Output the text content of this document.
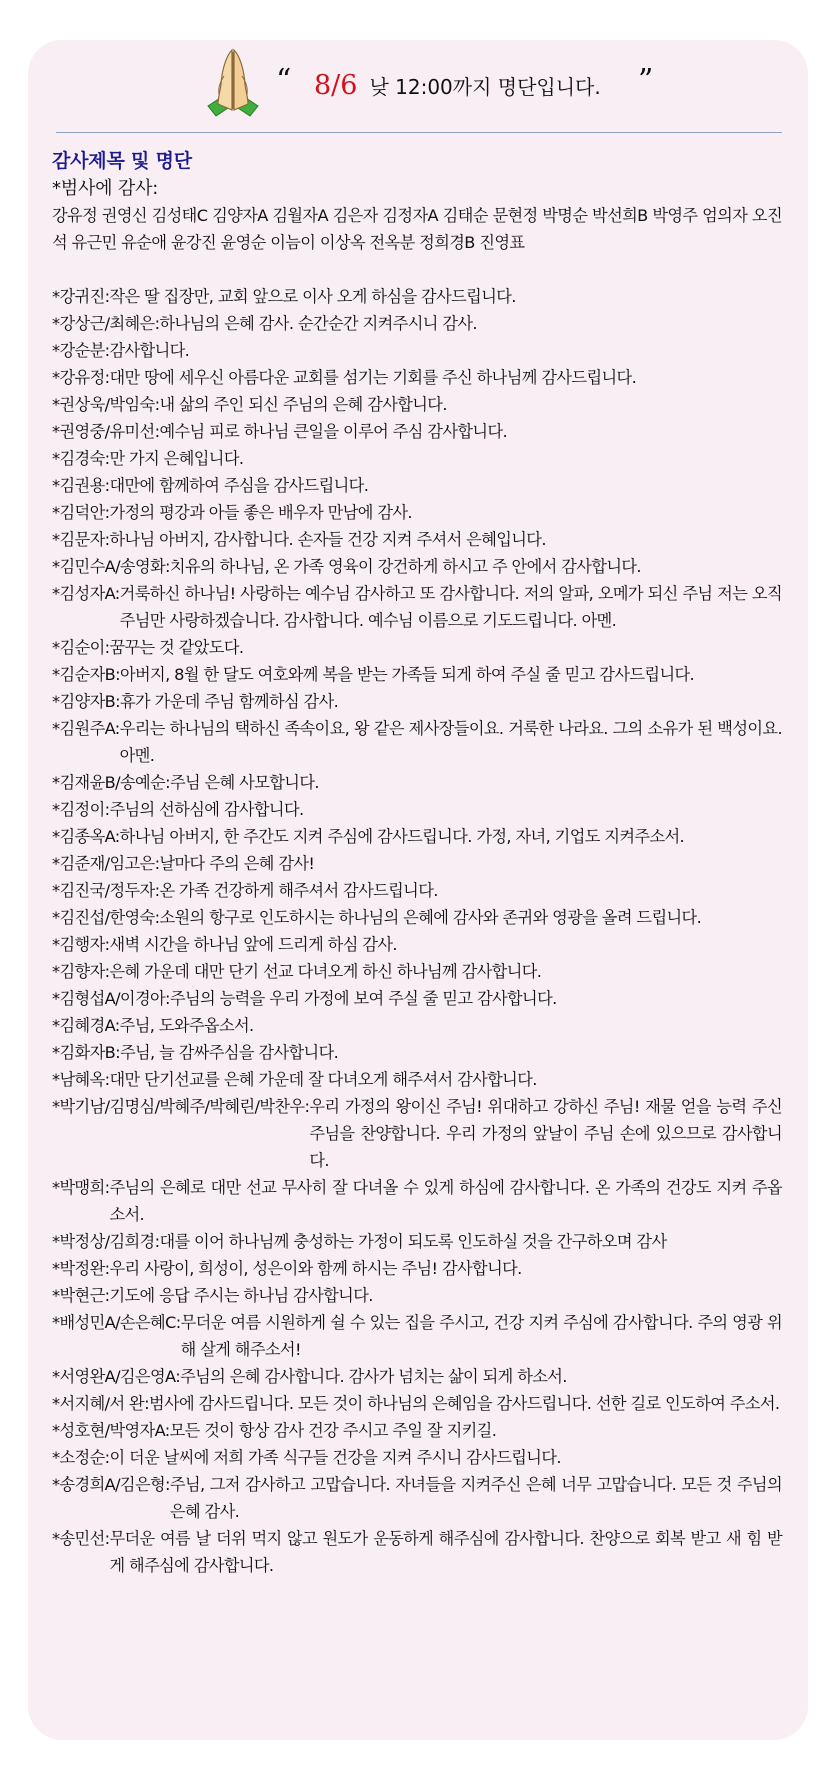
“ 8/6 낮 12:00까지 명단입니다. ”
감사제목 및 명단
*범사에 감사:
강유정 권영신 김성태C 김양자A 김월자A 김은자 김정자A 김태순 문현정 박명순 박선희B 박영주 엄의자 오진석 유근민 유순애 윤강진 윤영순 이늠이 이상옥 전옥분 정희경B 진영표
*강귀진: 작은 딸 집장만, 교회 앞으로 이사 오게 하심을 감사드립니다.
*강상근/최혜은: 하나님의 은혜 감사. 순간순간 지켜주시니 감사.
*강순분: 감사합니다.
*강유정: 대만 땅에 세우신 아름다운 교회를 섬기는 기회를 주신 하나님께 감사드립니다.
*권상욱/박임숙: 내 삶의 주인 되신 주님의 은혜 감사합니다.
*권영중/유미선: 예수님 피로 하나님 큰일을 이루어 주심 감사합니다.
*김경숙: 만 가지 은혜입니다.
*김권용: 대만에 함께하여 주심을 감사드립니다.
*김덕안: 가정의 평강과 아들 좋은 배우자 만남에 감사.
*김문자: 하나님 아버지, 감사합니다. 손자들 건강 지켜 주셔서 은혜입니다.
*김민수A/송영화: 치유의 하나님, 온 가족 영육이 강건하게 하시고 주 안에서 감사합니다.
*김성자A: 거룩하신 하나님! 사랑하는 예수님 감사하고 또 감사합니다. 저의 알파, 오메가 되신 주님 저는 오직 주님만 사랑하겠습니다. 감사합니다. 예수님 이름으로 기도드립니다. 아멘.
*김순이: 꿈꾸는 것 같았도다.
*김순자B: 아버지, 8월 한 달도 여호와께 복을 받는 가족들 되게 하여 주실 줄 믿고 감사드립니다.
*김양자B: 휴가 가운데 주님 함께하심 감사.
*김원주A: 우리는 하나님의 택하신 족속이요, 왕 같은 제사장들이요. 거룩한 나라요. 그의 소유가 된 백성이요. 아멘.
*김재윤B/송예순: 주님 은혜 사모합니다.
*김정이: 주님의 선하심에 감사합니다.
*김종옥A: 하나님 아버지, 한 주간도 지켜 주심에 감사드립니다. 가정, 자녀, 기업도 지켜주소서.
*김준재/임고은: 날마다 주의 은혜 감사!
*김진국/정두자: 온 가족 건강하게 해주셔서 감사드립니다.
*김진섭/한영숙: 소원의 항구로 인도하시는 하나님의 은혜에 감사와 존귀와 영광을 올려 드립니다.
*김행자: 새벽 시간을 하나님 앞에 드리게 하심 감사.
*김향자: 은혜 가운데 대만 단기 선교 다녀오게 하신 하나님께 감사합니다.
*김형섭A/이경아: 주님의 능력을 우리 가정에 보여 주실 줄 믿고 감사합니다.
*김혜경A: 주님, 도와주옵소서.
*김화자B: 주님, 늘 감싸주심을 감사합니다.
*남혜옥: 대만 단기선교를 은혜 가운데 잘 다녀오게 해주셔서 감사합니다.
*박기남/김명심/박혜주/박혜린/박찬우: 우리 가정의 왕이신 주님! 위대하고 강하신 주님! 재물 얻을 능력 주신 주님을 찬양합니다. 우리 가정의 앞날이 주님 손에 있으므로 감사합니다.
*박맹희: 주님의 은혜로 대만 선교 무사히 잘 다녀올 수 있게 하심에 감사합니다. 온 가족의 건강도 지켜 주옵소서.
*박정상/김희경: 대를 이어 하나님께 충성하는 가정이 되도록 인도하실 것을 간구하오며 감사
*박정완: 우리 사랑이, 희성이, 성은이와 함께 하시는 주님! 감사합니다.
*박현근: 기도에 응답 주시는 하나님 감사합니다.
*배성민A/손은혜C: 무더운 여름 시원하게 쉴 수 있는 집을 주시고, 건강 지켜 주심에 감사합니다. 주의 영광 위해 살게 해주소서!
*서영완A/김은영A: 주님의 은혜 감사합니다. 감사가 넘치는 삶이 되게 하소서.
*서지혜/서 완: 범사에 감사드립니다. 모든 것이 하나님의 은혜임을 감사드립니다. 선한 길로 인도하여 주소서.
*성호현/박영자A: 모든 것이 항상 감사 건강 주시고 주일 잘 지키길.
*소정순: 이 더운 날씨에 저희 가족 식구들 건강을 지켜 주시니 감사드립니다.
*송경희A/김은형: 주님, 그저 감사하고 고맙습니다. 자녀들을 지켜주신 은혜 너무 고맙습니다. 모든 것 주님의 은혜 감사.
*송민선: 무더운 여름 날 더위 먹지 않고 원도가 운동하게 해주심에 감사합니다. 찬양으로 회복 받고 새 힘 받게 해주심에 감사합니다.
